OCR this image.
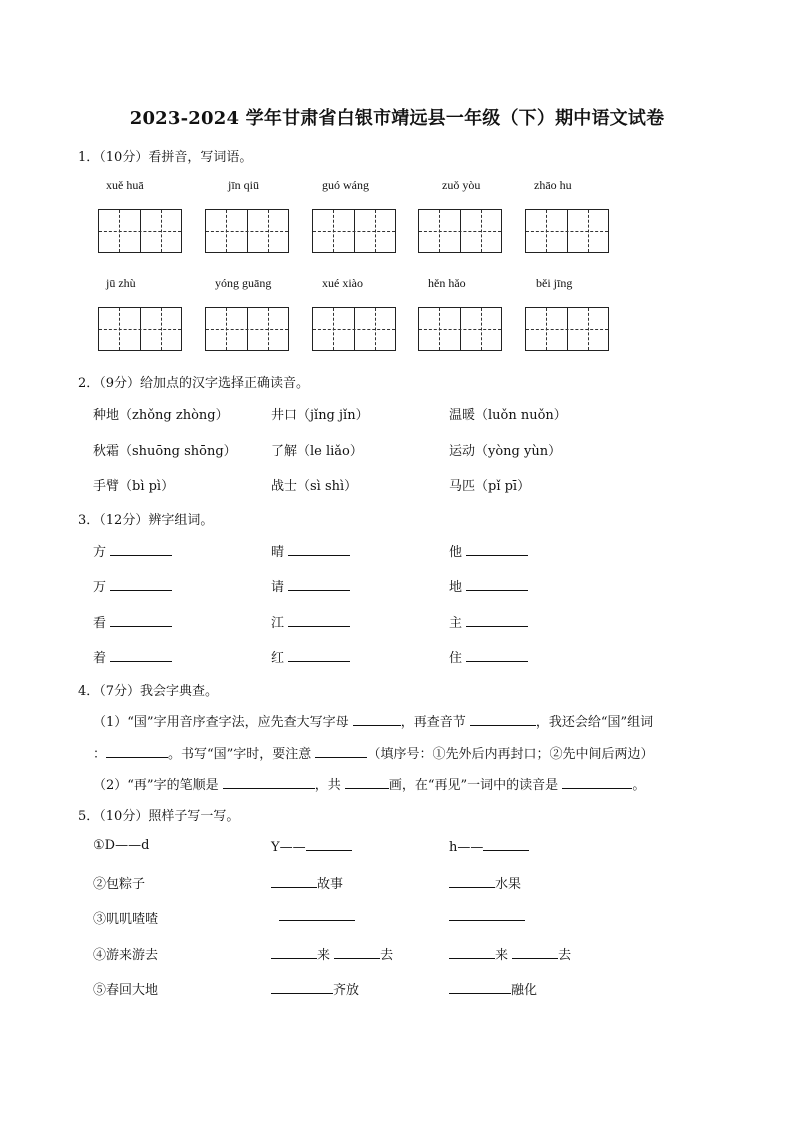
2023-2024 学年甘肃省白银市靖远县一年级（下）期中语文试卷
1．（10分）看拼音，写词语。
xuě huā	jīn qiū	guó wáng	zuǒ yòu	zhāo hu
jū zhù	yóng guāng	xué xiào	hěn hǎo	běi jīng
2．（9分）给加点的汉字选择正确读音。
种地（zhǒng zhòng）	井口（jǐng jǐn）	温暖（luǒn nuǒn）
秋霜（shuōng shōng）	了解（le liǎo）	运动（yòng yùn）
手臂（bì pì）	战士（sì shì）	马匹（pǐ pī）
3．（12分）辨字组词。
方	晴	他
万	请	地
看	江	主
着	红	住
4．（7分）我会字典查。
（1）“国”字用音序查字法，应先查大写字母	，再查音节	，我还会给“国”组词
：	。书写“国”字时，要注意	（填序号：①先外后内再封口；②先中间后两边）
（2）“再”字的笔顺是	，共	画，在“再见”一词中的读音是	。
5．（10分）照样子写一写。
①D——d	Y——	h——
②包粽子	故事	水果
③叽叽喳喳
④游来游去	来	去	来	去
⑤春回大地	齐放	融化
